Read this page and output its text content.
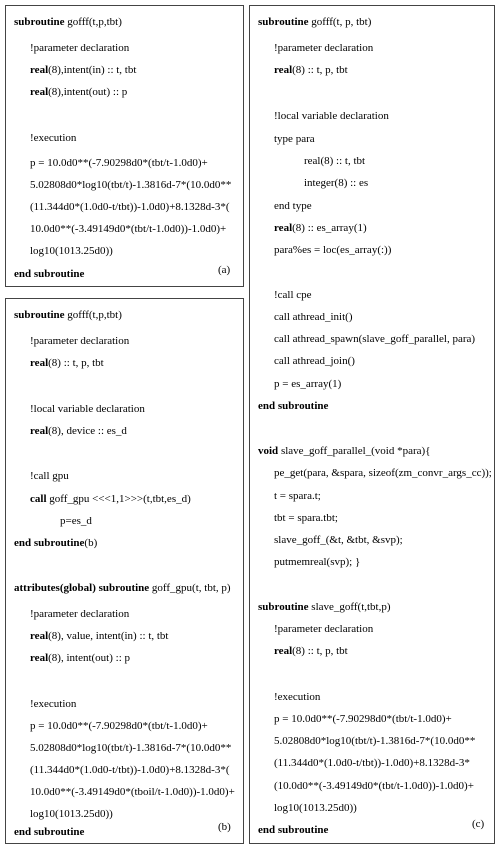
subroutine gofff(t,p,tbt)
!parameter declaration
real(8),intent(in) :: t, tbt
real(8),intent(out) :: p
!execution
p = 10.0d0**(-7.90298d0*(tbt/t-1.0d0)+
5.02808d0*log10(tbt/t)-1.3816d-7*(10.0d0**
(11.344d0*(1.0d0-t/tbt))-1.0d0)+8.1328d-3*(
10.0d0**(-3.49149d0*(tbt/t-1.0d0))-1.0d0)+
log10(1013.25d0))
end subroutine	(a)
subroutine gofff(t,p,tbt)
!parameter declaration
real(8) :: t, p, tbt
!local variable declaration
real(8), device :: es_d
!call gpu
call goff_gpu <<<1,1>>>(t,tbt,es_d)
p=es_d
end subroutine(b)
attributes(global) subroutine goff_gpu(t, tbt, p)
!parameter declaration
real(8), value, intent(in) :: t, tbt
real(8), intent(out) :: p
!execution
p = 10.0d0**(-7.90298d0*(tbt/t-1.0d0)+
5.02808d0*log10(tbt/t)-1.3816d-7*(10.0d0**
(11.344d0*(1.0d0-t/tbt))-1.0d0)+8.1328d-3*(
10.0d0**(-3.49149d0*(tboil/t-1.0d0))-1.0d0)+
log10(1013.25d0))
end subroutine	(b)
subroutine gofff(t, p, tbt)
!parameter declaration
real(8) :: t, p, tbt
!local variable declaration
type para
real(8) :: t, tbt
integer(8) :: es
end type
real(8) :: es_array(1)
para%es = loc(es_array(:))
!call cpe
call athread_init()
call athread_spawn(slave_goff_parallel, para)
call athread_join()
p = es_array(1)
end subroutine
void slave_goff_parallel_(void *para){
pe_get(para, &spara, sizeof(zm_convr_args_cc));
t = spara.t;
tbt = spara.tbt;
slave_goff_(&t, &tbt, &svp);
putmemreal(svp); }
subroutine slave_goff(t,tbt,p)
!parameter declaration
real(8) :: t, p, tbt
!execution
p = 10.0d0**(-7.90298d0*(tbt/t-1.0d0)+
5.02808d0*log10(tbt/t)-1.3816d-7*(10.0d0**
(11.344d0*(1.0d0-t/tbt))-1.0d0)+8.1328d-3*
(10.0d0**(-3.49149d0*(tbt/t-1.0d0))-1.0d0)+
log10(1013.25d0))
end subroutine	(c)
